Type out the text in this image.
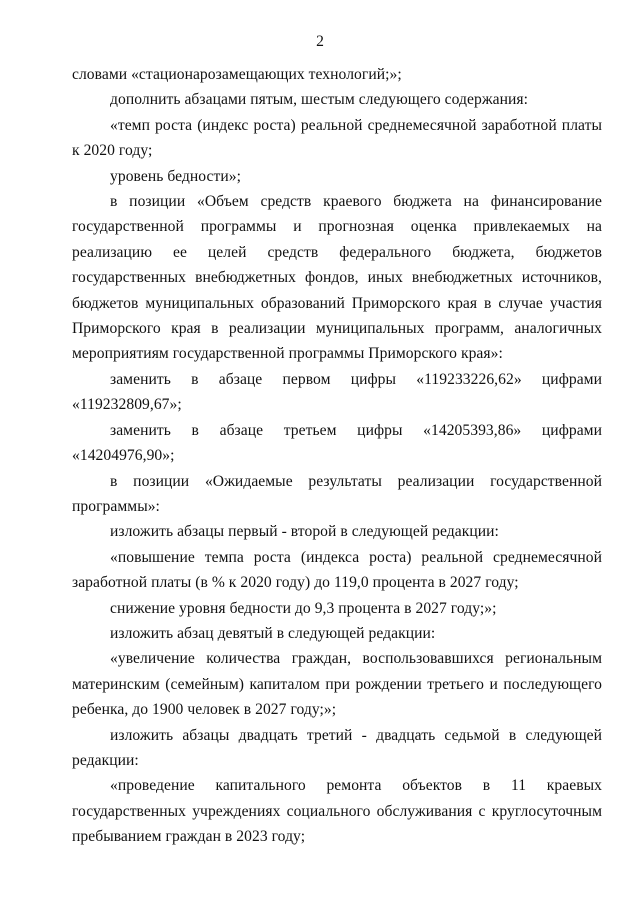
2

словами «стационарозамещающих технологий;»;

дополнить абзацами пятым, шестым следующего содержания:

«темп роста (индекс роста) реальной среднемесячной заработной платы к 2020 году;

уровень бедности»;

в позиции «Объем средств краевого бюджета на финансирование государственной программы и прогнозная оценка привлекаемых на реализацию ее целей средств федерального бюджета, бюджетов государственных внебюджетных фондов, иных внебюджетных источников, бюджетов муниципальных образований Приморского края в случае участия Приморского края в реализации муниципальных программ, аналогичных мероприятиям государственной программы Приморского края»:

заменить в абзаце первом цифры «119233226,62» цифрами «119232809,67»;

заменить в абзаце третьем цифры «14205393,86» цифрами «14204976,90»;

в позиции «Ожидаемые результаты реализации государственной программы»:

изложить абзацы первый - второй в следующей редакции:

«повышение темпа роста (индекса роста) реальной среднемесячной заработной платы (в % к 2020 году) до 119,0 процента в 2027 году;

снижение уровня бедности до 9,3 процента в 2027 году;»;

изложить абзац девятый в следующей редакции:

«увеличение количества граждан, воспользовавшихся региональным материнским (семейным) капиталом при рождении третьего и последующего ребенка, до 1900 человек в 2027 году;»;

изложить абзацы двадцать третий - двадцать седьмой в следующей редакции:

«проведение капитального ремонта объектов в 11 краевых государственных учреждениях социального обслуживания с круглосуточным пребыванием граждан в 2023 году;
